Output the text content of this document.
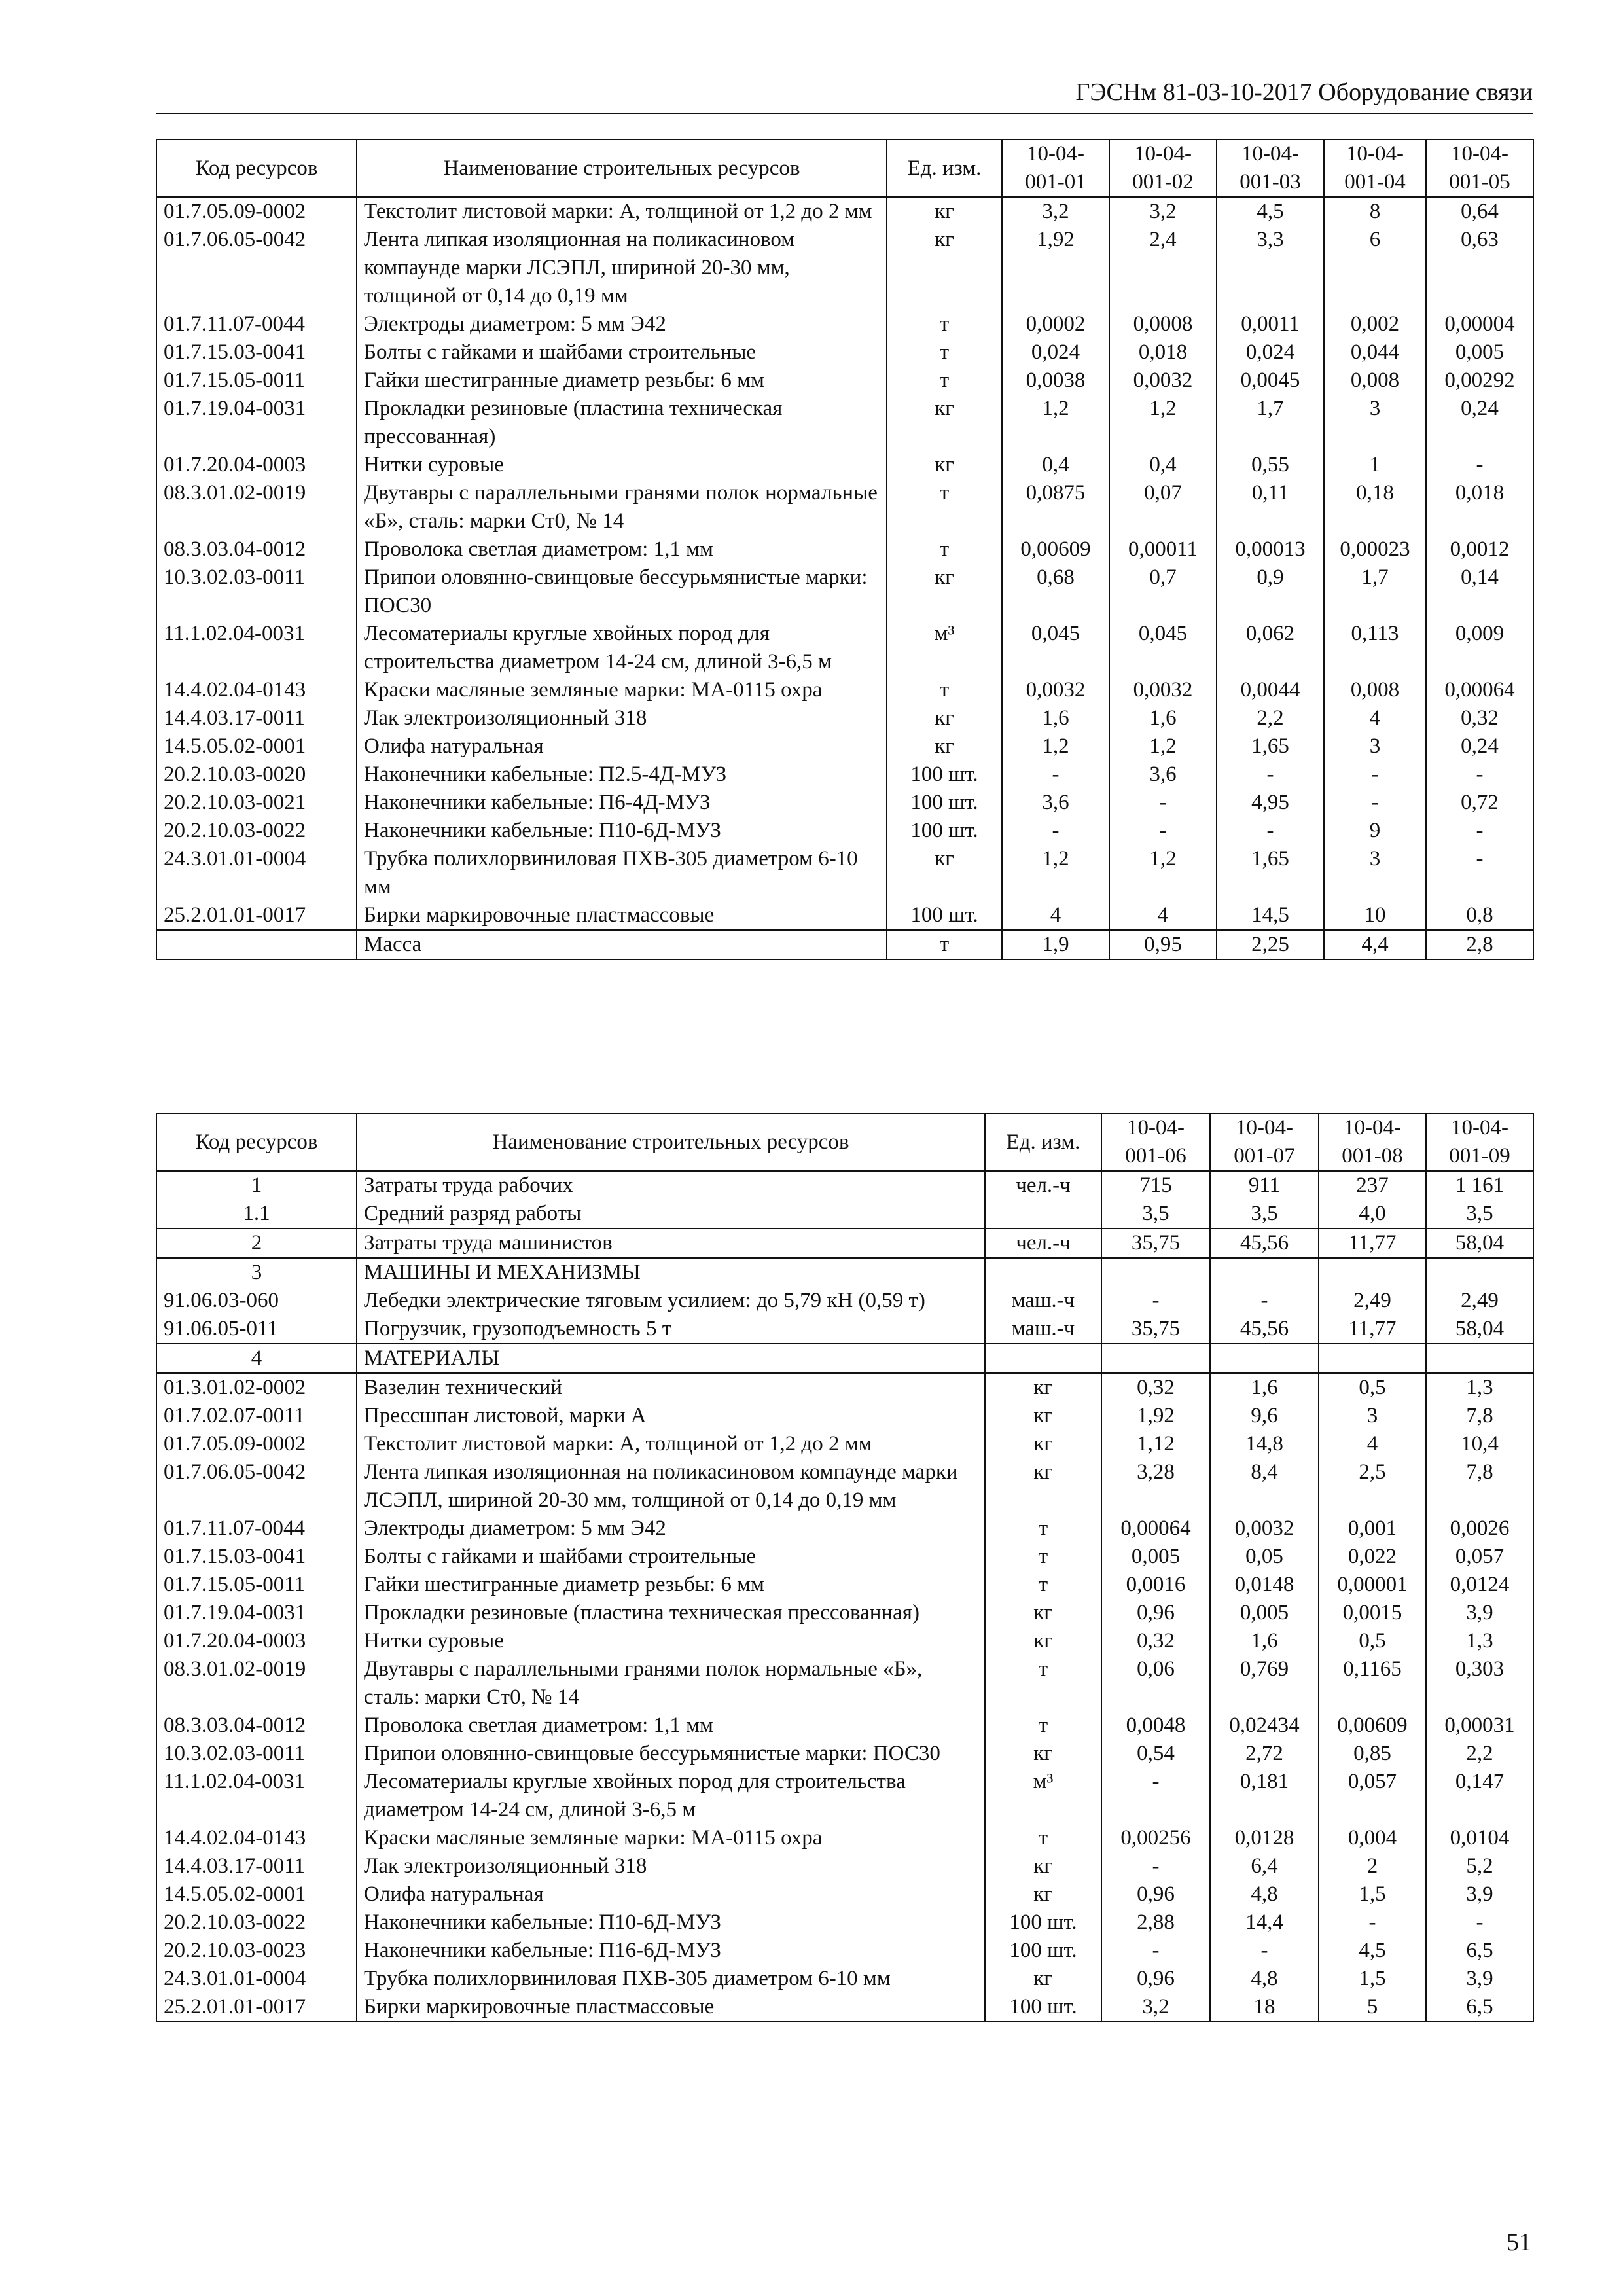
ГЭСНм 81-03-10-2017 Оборудование связи
Код ресурсов	Наименование строительных ресурсов	Ед. изм.	10-04-001-01	10-04-001-02	10-04-001-03	10-04-001-04	10-04-001-05
01.7.05.09-0002	Текстолит листовой марки: А, толщиной от 1,2 до 2 мм	кг	3,2	3,2	4,5	8	0,64
01.7.06.05-0042	Лента липкая изоляционная на поликасиновом компаунде марки ЛСЭПЛ, шириной 20-30 мм, толщиной от 0,14 до 0,19 мм	кг	1,92	2,4	3,3	6	0,63
01.7.11.07-0044	Электроды диаметром: 5 мм Э42	т	0,0002	0,0008	0,0011	0,002	0,00004
01.7.15.03-0041	Болты с гайками и шайбами строительные	т	0,024	0,018	0,024	0,044	0,005
01.7.15.05-0011	Гайки шестигранные диаметр резьбы: 6 мм	т	0,0038	0,0032	0,0045	0,008	0,00292
01.7.19.04-0031	Прокладки резиновые (пластина техническая прессованная)	кг	1,2	1,2	1,7	3	0,24
01.7.20.04-0003	Нитки суровые	кг	0,4	0,4	0,55	1	-
08.3.01.02-0019	Двутавры с параллельными гранями полок нормальные «Б», сталь: марки Ст0, № 14	т	0,0875	0,07	0,11	0,18	0,018
08.3.03.04-0012	Проволока светлая диаметром: 1,1 мм	т	0,00609	0,00011	0,00013	0,00023	0,0012
10.3.02.03-0011	Припои оловянно-свинцовые бессурьмянистые марки: ПОС30	кг	0,68	0,7	0,9	1,7	0,14
11.1.02.04-0031	Лесоматериалы круглые хвойных пород для строительства диаметром 14-24 см, длиной 3-6,5 м	м³	0,045	0,045	0,062	0,113	0,009
14.4.02.04-0143	Краски масляные земляные марки: МА-0115 охра	т	0,0032	0,0032	0,0044	0,008	0,00064
14.4.03.17-0011	Лак электроизоляционный 318	кг	1,6	1,6	2,2	4	0,32
14.5.05.02-0001	Олифа натуральная	кг	1,2	1,2	1,65	3	0,24
20.2.10.03-0020	Наконечники кабельные: П2.5-4Д-МУЗ	100 шт.	-	3,6	-	-	-
20.2.10.03-0021	Наконечники кабельные: П6-4Д-МУЗ	100 шт.	3,6	-	4,95	-	0,72
20.2.10.03-0022	Наконечники кабельные: П10-6Д-МУЗ	100 шт.	-	-	-	9	-
24.3.01.01-0004	Трубка полихлорвиниловая ПХВ-305 диаметром 6-10 мм	кг	1,2	1,2	1,65	3	-
25.2.01.01-0017	Бирки маркировочные пластмассовые	100 шт.	4	4	14,5	10	0,8
	Масса	т	1,9	0,95	2,25	4,4	2,8
Код ресурсов	Наименование строительных ресурсов	Ед. изм.	10-04-001-06	10-04-001-07	10-04-001-08	10-04-001-09
1	Затраты труда рабочих	чел.-ч	715	911	237	1 161
1.1	Средний разряд работы		3,5	3,5	4,0	3,5
2	Затраты труда машинистов	чел.-ч	35,75	45,56	11,77	58,04
3	МАШИНЫ И МЕХАНИЗМЫ					
91.06.03-060	Лебедки электрические тяговым усилием: до 5,79 кН (0,59 т)	маш.-ч	-	-	2,49	2,49
91.06.05-011	Погрузчик, грузоподъемность 5 т	маш.-ч	35,75	45,56	11,77	58,04
4	МАТЕРИАЛЫ					
01.3.01.02-0002	Вазелин технический	кг	0,32	1,6	0,5	1,3
01.7.02.07-0011	Прессшпан листовой, марки А	кг	1,92	9,6	3	7,8
01.7.05.09-0002	Текстолит листовой марки: А, толщиной от 1,2 до 2 мм	кг	1,12	14,8	4	10,4
01.7.06.05-0042	Лента липкая изоляционная на поликасиновом компаунде марки ЛСЭПЛ, шириной 20-30 мм, толщиной от 0,14 до 0,19 мм	кг	3,28	8,4	2,5	7,8
01.7.11.07-0044	Электроды диаметром: 5 мм Э42	т	0,00064	0,0032	0,001	0,0026
01.7.15.03-0041	Болты с гайками и шайбами строительные	т	0,005	0,05	0,022	0,057
01.7.15.05-0011	Гайки шестигранные диаметр резьбы: 6 мм	т	0,0016	0,0148	0,00001	0,0124
01.7.19.04-0031	Прокладки резиновые (пластина техническая прессованная)	кг	0,96	0,005	0,0015	3,9
01.7.20.04-0003	Нитки суровые	кг	0,32	1,6	0,5	1,3
08.3.01.02-0019	Двутавры с параллельными гранями полок нормальные «Б», сталь: марки Ст0, № 14	т	0,06	0,769	0,1165	0,303
08.3.03.04-0012	Проволока светлая диаметром: 1,1 мм	т	0,0048	0,02434	0,00609	0,00031
10.3.02.03-0011	Припои оловянно-свинцовые бессурьмянистые марки: ПОС30	кг	0,54	2,72	0,85	2,2
11.1.02.04-0031	Лесоматериалы круглые хвойных пород для строительства диаметром 14-24 см, длиной 3-6,5 м	м³	-	0,181	0,057	0,147
14.4.02.04-0143	Краски масляные земляные марки: МА-0115 охра	т	0,00256	0,0128	0,004	0,0104
14.4.03.17-0011	Лак электроизоляционный 318	кг	-	6,4	2	5,2
14.5.05.02-0001	Олифа натуральная	кг	0,96	4,8	1,5	3,9
20.2.10.03-0022	Наконечники кабельные: П10-6Д-МУЗ	100 шт.	2,88	14,4	-	-
20.2.10.03-0023	Наконечники кабельные: П16-6Д-МУЗ	100 шт.	-	-	4,5	6,5
24.3.01.01-0004	Трубка полихлорвиниловая ПХВ-305 диаметром 6-10 мм	кг	0,96	4,8	1,5	3,9
25.2.01.01-0017	Бирки маркировочные пластмассовые	100 шт.	3,2	18	5	6,5
51
